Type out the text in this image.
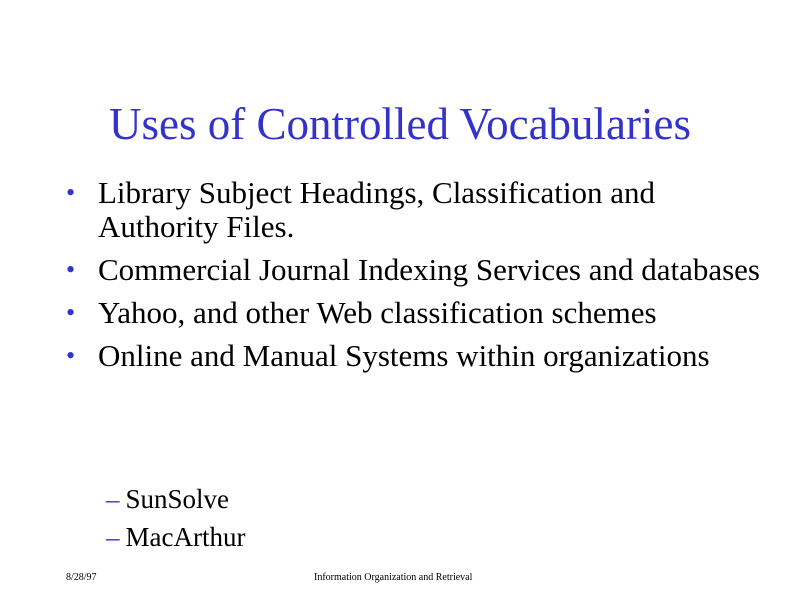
Uses of Controlled Vocabularies
• Library Subject Headings, Classification and Authority Files.
• Commercial Journal Indexing Services and databases
• Yahoo, and other Web classification schemes
• Online and Manual Systems within organizations
– SunSolve
– MacArthur
8/28/97	Information Organization and Retrieval
